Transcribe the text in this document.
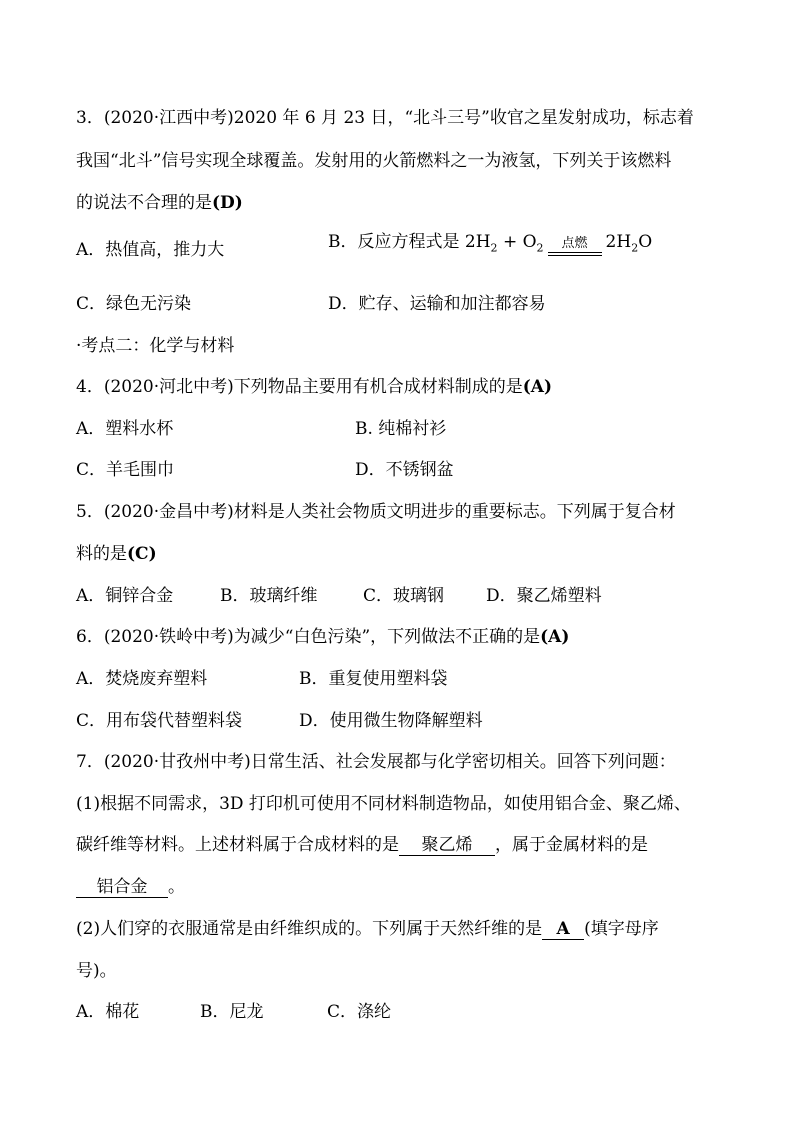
3．(2020·江西中考)2020 年 6 月 23 日，“北斗三号”收官之星发射成功，标志着
我国“北斗”信号实现全球覆盖。发射用的火箭燃料之一为液氢，下列关于该燃料
的说法不合理的是(D)
A．热值高，推力大	B．反应方程式是 $2H_2 + O_2$	点燃	$2H_2O$
C．绿色无污染	D．贮存、运输和加注都容易
·考点二：化学与材料
4．(2020·河北中考)下列物品主要用有机合成材料制成的是(A)
A．塑料水杯	B. 纯棉衬衫
C．羊毛围巾	D．不锈钢盆
5．(2020·金昌中考)材料是人类社会物质文明进步的重要标志。下列属于复合材
料的是(C)
A．铜锌合金	B．玻璃纤维	C．玻璃钢 D．聚乙烯塑料
6．(2020·铁岭中考)为减少“白色污染”，下列做法不正确的是(A)
A．焚烧废弃塑料	B．重复使用塑料袋
C．用布袋代替塑料袋	D．使用微生物降解塑料
7．(2020·甘孜州中考)日常生活、社会发展都与化学密切相关。回答下列问题：
(1)根据不同需求，3D 打印机可使用不同材料制造物品，如使用铝合金、聚乙烯、
碳纤维等材料。上述材料属于合成材料的是 聚乙烯 ，属于金属材料的是
铝合金 。
(2)人们穿的衣服通常是由纤维织成的。下列属于天然纤维的是 A (填字母序
号)。
A．棉花	B．尼龙	C．涤纶
